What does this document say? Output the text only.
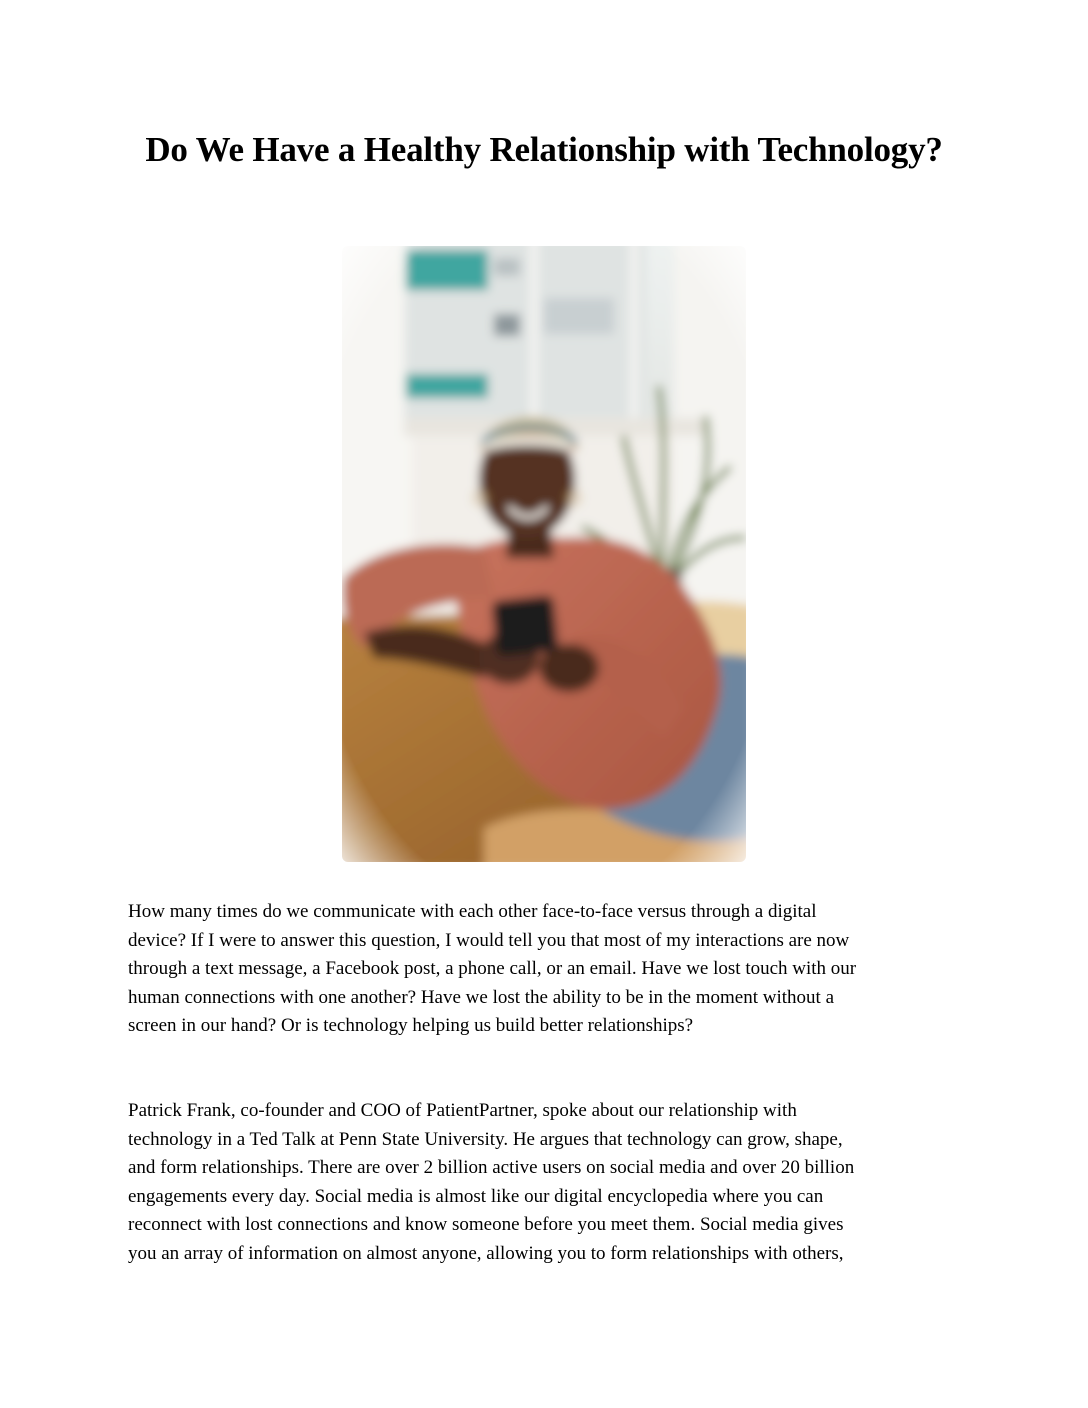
Do We Have a Healthy Relationship with Technology?

How many times do we communicate with each other face-to-face versus through a digital
device? If I were to answer this question, I would tell you that most of my interactions are now
through a text message, a Facebook post, a phone call, or an email. Have we lost touch with our
human connections with one another? Have we lost the ability to be in the moment without a
screen in our hand? Or is technology helping us build better relationships?

Patrick Frank, co-founder and COO of PatientPartner, spoke about our relationship with
technology in a Ted Talk at Penn State University. He argues that technology can grow, shape,
and form relationships. There are over 2 billion active users on social media and over 20 billion
engagements every day. Social media is almost like our digital encyclopedia where you can
reconnect with lost connections and know someone before you meet them. Social media gives
you an array of information on almost anyone, allowing you to form relationships with others,
